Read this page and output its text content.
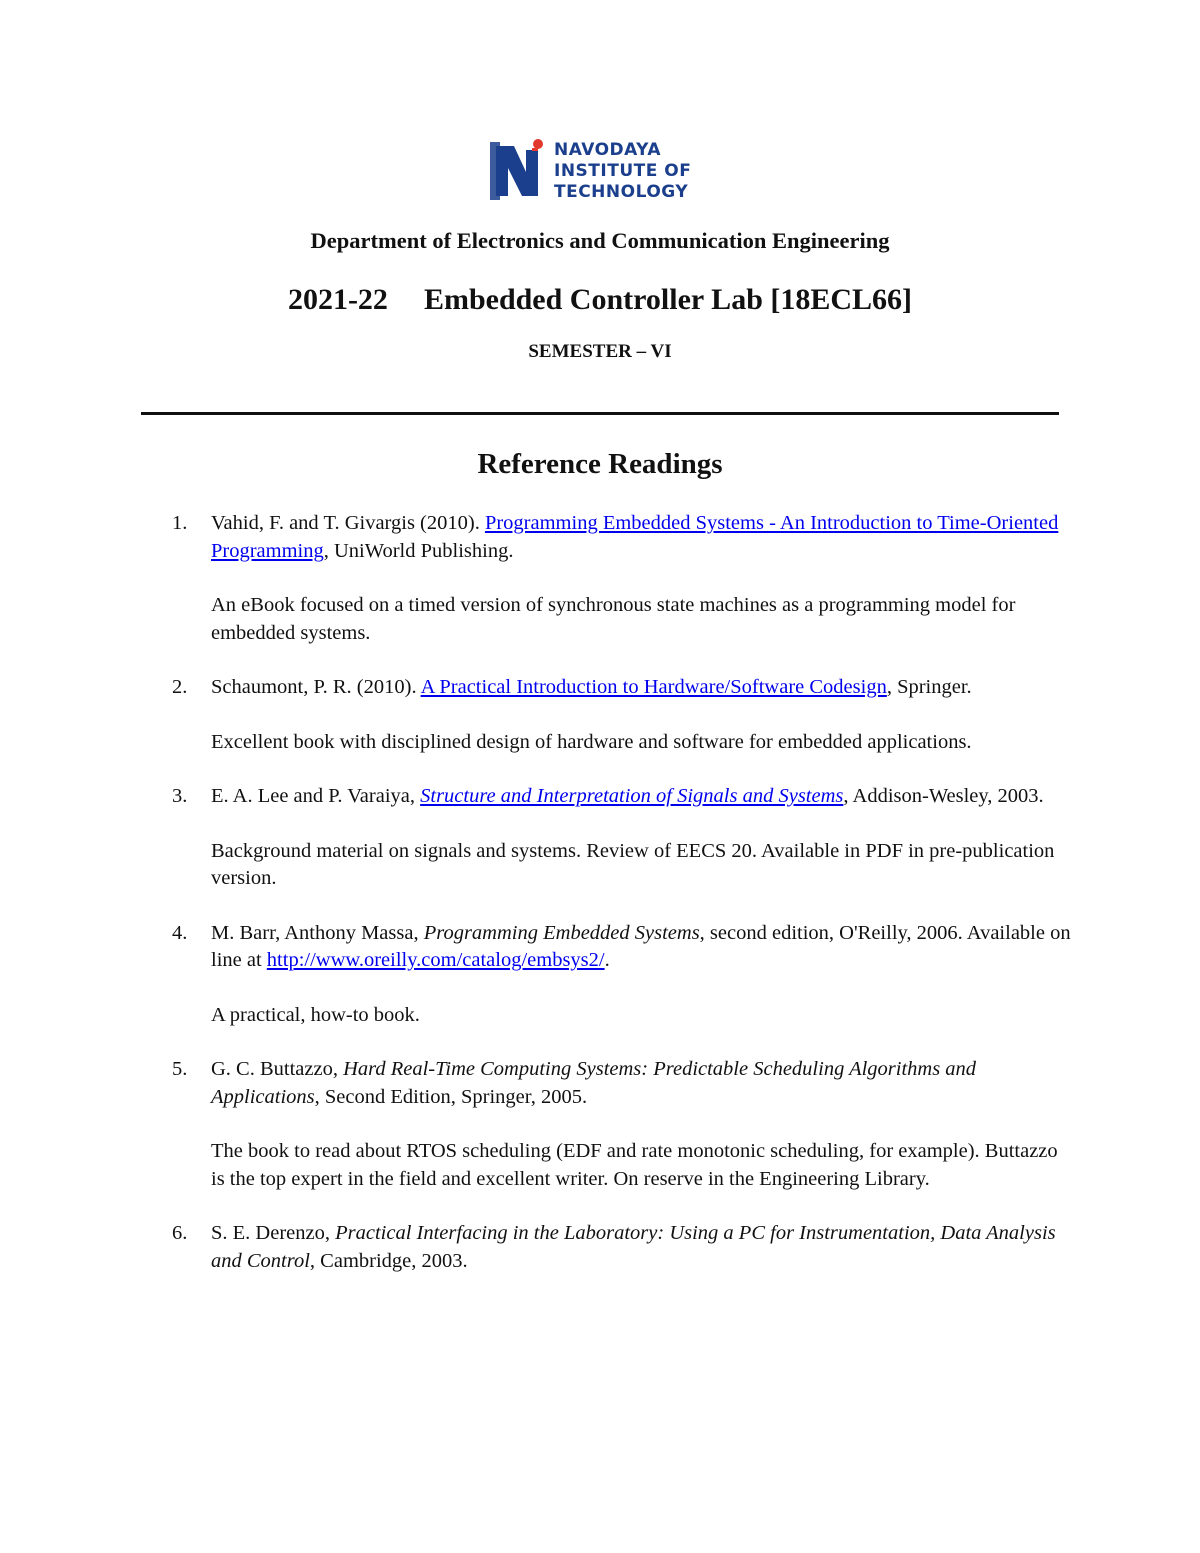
NAVODAYA
INSTITUTE OF
TECHNOLOGY
Department of Electronics and Communication Engineering
2021-22 Embedded Controller Lab [18ECL66]
SEMESTER – VI
Reference Readings
1. Vahid, F. and T. Givargis (2010). Programming Embedded Systems - An Introduction to Time-Oriented Programming, UniWorld Publishing.
An eBook focused on a timed version of synchronous state machines as a programming model for embedded systems.
2. Schaumont, P. R. (2010). A Practical Introduction to Hardware/Software Codesign, Springer.
Excellent book with disciplined design of hardware and software for embedded applications.
3. E. A. Lee and P. Varaiya, Structure and Interpretation of Signals and Systems, Addison-Wesley, 2003.
Background material on signals and systems. Review of EECS 20. Available in PDF in pre-publication version.
4. M. Barr, Anthony Massa, Programming Embedded Systems, second edition, O'Reilly, 2006. Available on line at http://www.oreilly.com/catalog/embsys2/.
A practical, how-to book.
5. G. C. Buttazzo, Hard Real-Time Computing Systems: Predictable Scheduling Algorithms and Applications, Second Edition, Springer, 2005.
The book to read about RTOS scheduling (EDF and rate monotonic scheduling, for example). Buttazzo is the top expert in the field and excellent writer. On reserve in the Engineering Library.
6. S. E. Derenzo, Practical Interfacing in the Laboratory: Using a PC for Instrumentation, Data Analysis and Control, Cambridge, 2003.
